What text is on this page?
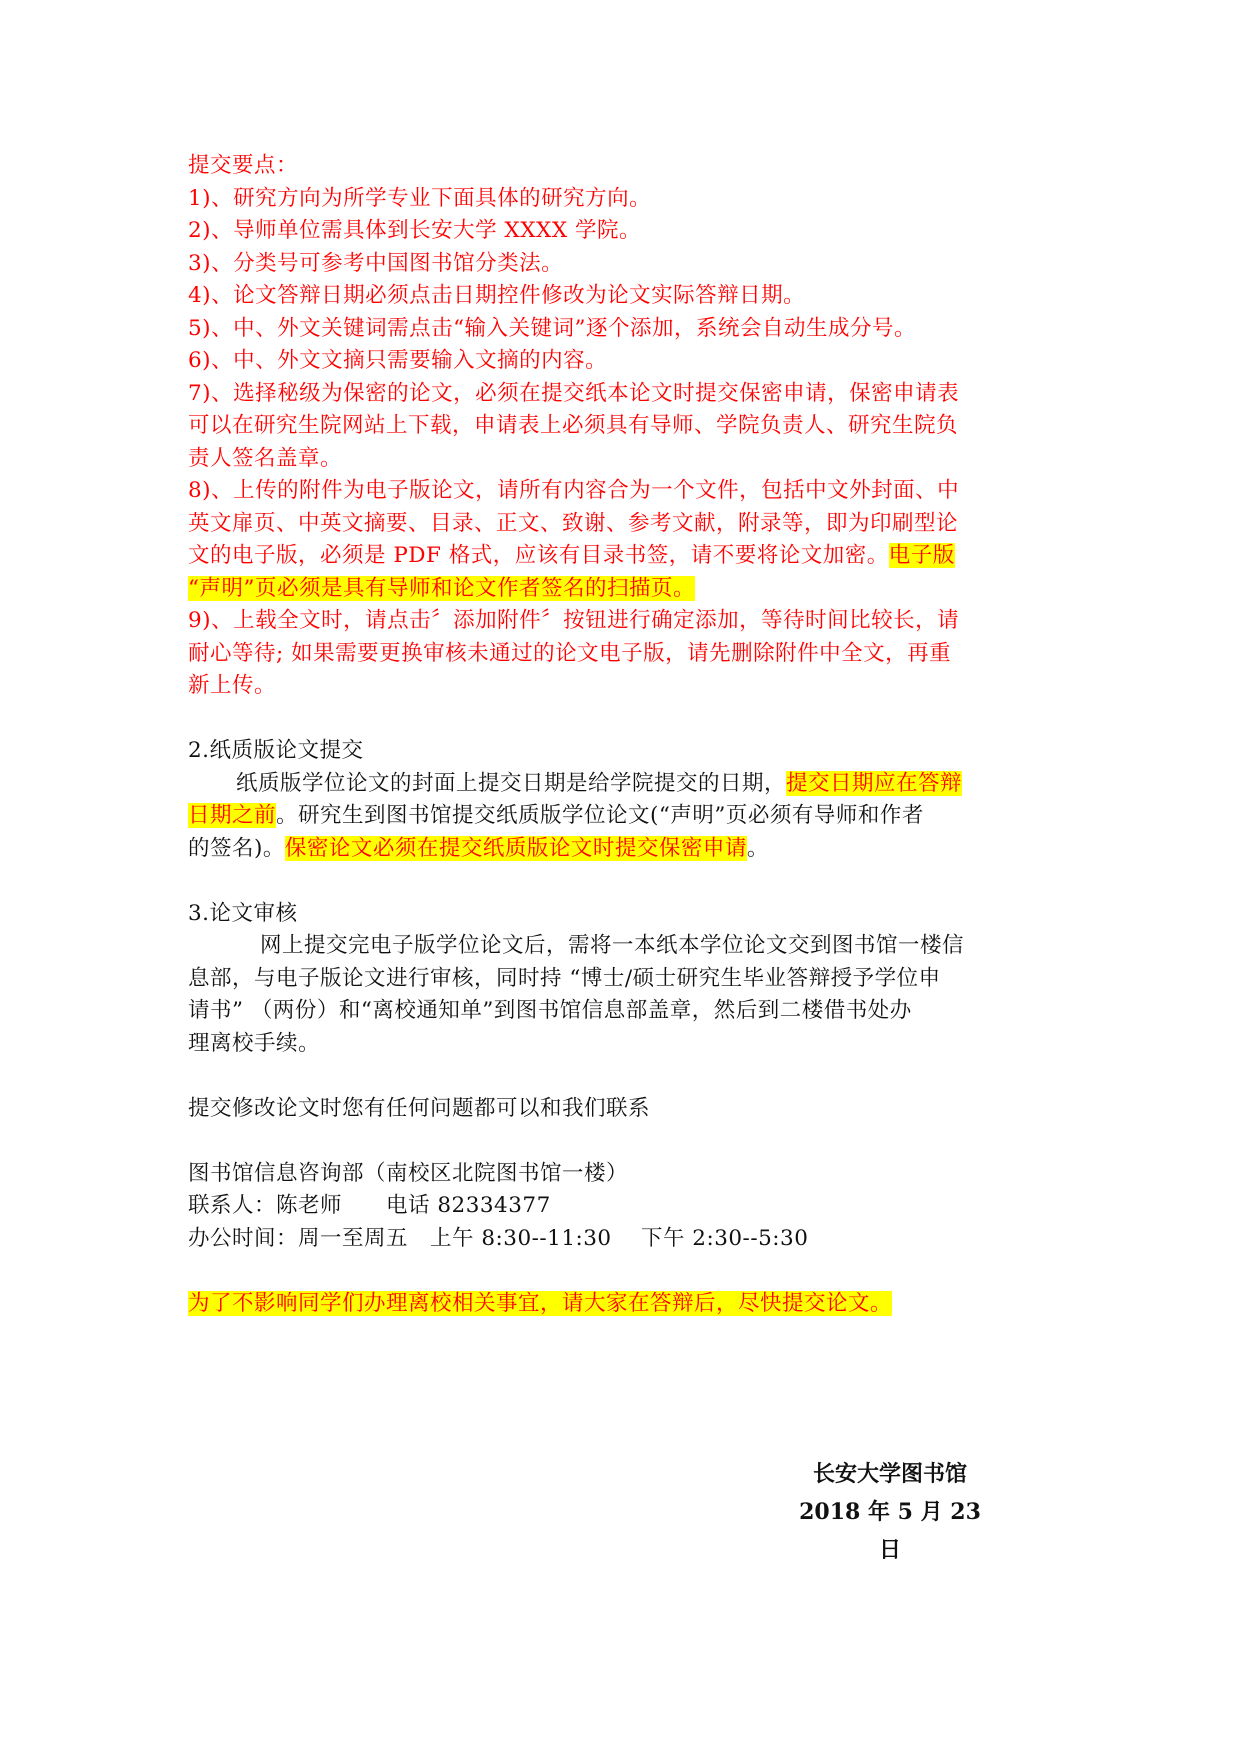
提交要点：
1)、研究方向为所学专业下面具体的研究方向。
2)、导师单位需具体到长安大学 XXXX 学院。
3)、分类号可参考中国图书馆分类法。
4)、论文答辩日期必须点击日期控件修改为论文实际答辩日期。
5)、中、外文关键词需点击“输入关键词”逐个添加，系统会自动生成分号。
6)、中、外文文摘只需要输入文摘的内容。
7)、选择秘级为保密的论文，必须在提交纸本论文时提交保密申请，保密申请表
可以在研究生院网站上下载，申请表上必须具有导师、学院负责人、研究生院负
责人签名盖章。
8)、上传的附件为电子版论文，请所有内容合为一个文件，包括中文外封面、中
英文扉页、中英文摘要、目录、正文、致谢、参考文献，附录等，即为印刷型论
文的电子版，必须是 PDF 格式，应该有目录书签，请不要将论文加密。电子版
“声明”页必须是具有导师和论文作者签名的扫描页。
9)、上载全文时，请点击〞添加附件〞按钮进行确定添加，等待时间比较长，请
耐心等待; 如果需要更换审核未通过的论文电子版，请先删除附件中全文，再重
新上传。
2.纸质版论文提交
纸质版学位论文的封面上提交日期是给学院提交的日期，提交日期应在答辩
日期之前。研究生到图书馆提交纸质版学位论文(“声明”页必须有导师和作者
的签名)。保密论文必须在提交纸质版论文时提交保密申请。
3.论文审核
网上提交完电子版学位论文后，需将一本纸本学位论文交到图书馆一楼信
息部，与电子版论文进行审核，同时持 “博士/硕士研究生毕业答辩授予学位申
请书” （两份）和“离校通知单”到图书馆信息部盖章，然后到二楼借书处办
理离校手续。
提交修改论文时您有任何问题都可以和我们联系
图书馆信息咨询部（南校区北院图书馆一楼）
联系人：陈老师      电话 82334377
办公时间：周一至周五   上午 8:30--11:30    下午 2:30--5:30
为了不影响同学们办理离校相关事宜，请大家在答辩后，尽快提交论文。
长安大学图书馆
2018 年 5 月 23 日
